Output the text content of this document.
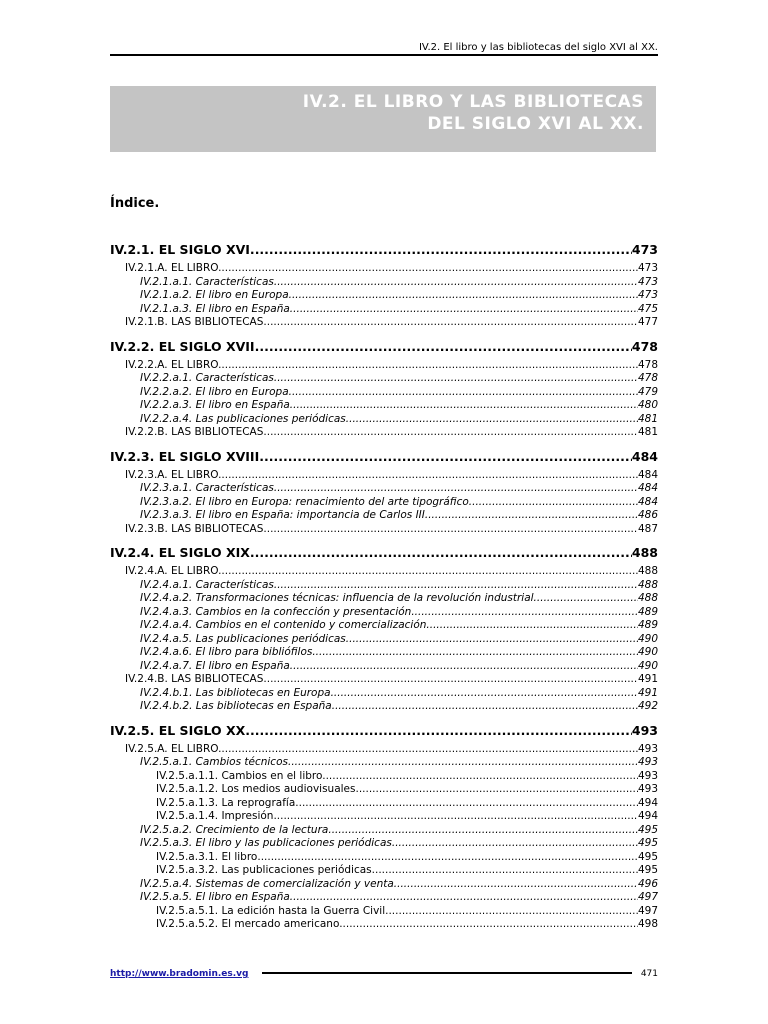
IV.2. El libro y las bibliotecas del siglo XVI al XX.
IV.2. EL LIBRO Y LAS BIBLIOTECAS
DEL SIGLO XVI AL XX.
Índice.
IV.2.1. EL SIGLO XVI. .....	473
IV.2.1.A. EL LIBRO. .....	473
IV.2.1.a.1. Características. .....	473
IV.2.1.a.2. El libro en Europa. .....	473
IV.2.1.a.3. El libro en España. .....	475
IV.2.1.B. LAS BIBLIOTECAS. .....	477
IV.2.2. EL SIGLO XVII .....	478
IV.2.2.A. EL LIBRO. .....	478
IV.2.2.a.1. Características. .....	478
IV.2.2.a.2. El libro en Europa. .....	479
IV.2.2.a.3. El libro en España. .....	480
IV.2.2.a.4. Las publicaciones periódicas. .....	481
IV.2.2.B. LAS BIBLIOTECAS. .....	481
IV.2.3. EL SIGLO XVIII. .....	484
IV.2.3.A. EL LIBRO. .....	484
IV.2.3.a.1. Características. .....	484
IV.2.3.a.2. El libro en Europa: renacimiento del arte tipográfico. .....	484
IV.2.3.a.3. El libro en España: importancia de Carlos III. .....	486
IV.2.3.B. LAS BIBLIOTECAS. .....	487
IV.2.4. EL SIGLO XIX. .....	488
IV.2.4.A. EL LIBRO. .....	488
IV.2.4.a.1. Características. .....	488
IV.2.4.a.2. Transformaciones técnicas: influencia de la revolución industrial. .....	488
IV.2.4.a.3. Cambios en la confección y presentación. .....	489
IV.2.4.a.4. Cambios en el contenido y comercialización .....	489
IV.2.4.a.5. Las publicaciones periódicas. .....	490
IV.2.4.a.6. El libro para bibliófilos. .....	490
IV.2.4.a.7. El libro en España. .....	490
IV.2.4.B. LAS BIBLIOTECAS. .....	491
IV.2.4.b.1. Las bibliotecas en Europa. .....	491
IV.2.4.b.2. Las bibliotecas en España .....	492
IV.2.5. EL SIGLO XX. .....	493
IV.2.5.A. EL LIBRO. .....	493
IV.2.5.a.1. Cambios técnicos. .....	493
IV.2.5.a.1.1. Cambios en el libro. .....	493
IV.2.5.a.1.2. Los medios audiovisuales .....	493
IV.2.5.a.1.3. La reprografía .....	494
IV.2.5.a.1.4. Impresión. .....	494
IV.2.5.a.2. Crecimiento de la lectura. .....	495
IV.2.5.a.3. El libro y las publicaciones periódicas. .....	495
IV.2.5.a.3.1. El libro .....	495
IV.2.5.a.3.2. Las publicaciones periódicas .....	495
IV.2.5.a.4. Sistemas de comercialización y venta .....	496
IV.2.5.a.5. El libro en España. .....	497
IV.2.5.a.5.1. La edición hasta la Guerra Civil. .....	497
IV.2.5.a.5.2. El mercado americano. .....	498
http://www.bradomin.es.vg	471
